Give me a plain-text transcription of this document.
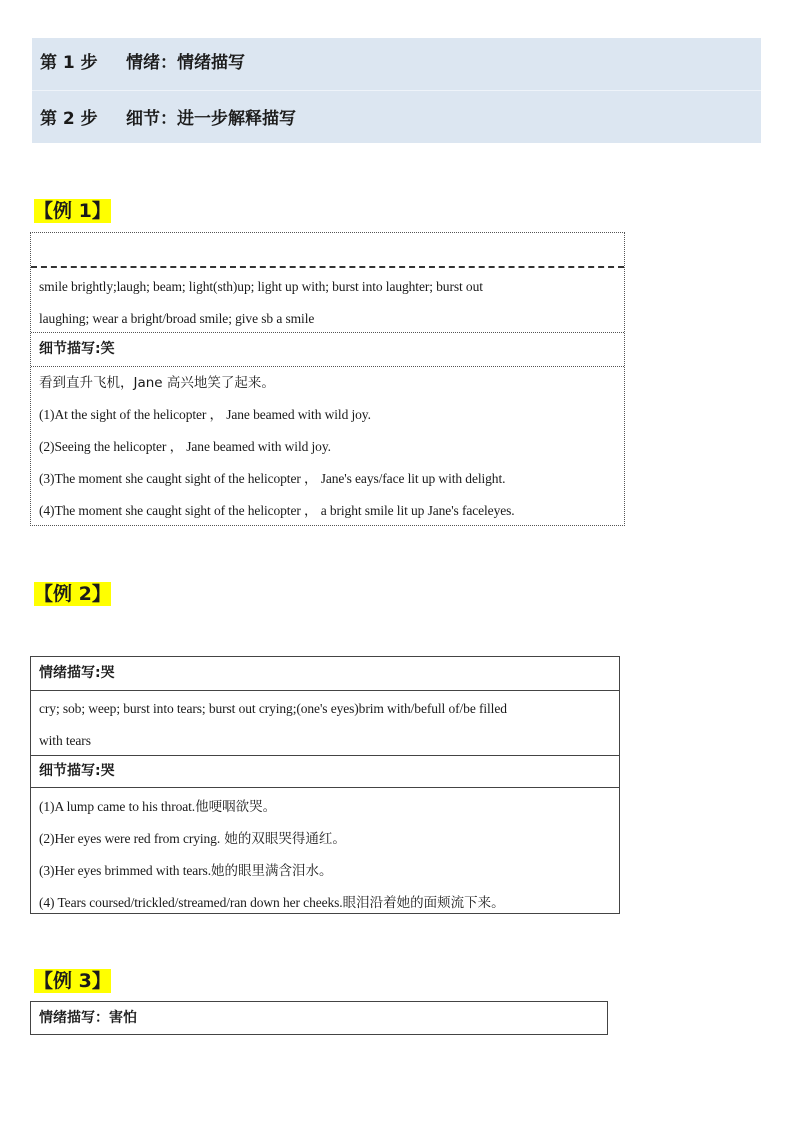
第 1 步 情绪：情绪描写
第 2 步 细节：进一步解释描写
【例 1】
smile brightly;laugh; beam; light(sth)up; light up with; burst into laughter; burst out
laughing; wear a bright/broad smile; give sb a smile
细节描写:笑
看到直升飞机，Jane 高兴地笑了起来。
(1)At the sight of the helicopter ， Jane beamed with wild joy.
(2)Seeing the helicopter ， Jane beamed with wild joy.
(3)The moment she caught sight of the helicopter ， Jane's eays/face lit up with delight.
(4)The moment she caught sight of the helicopter ， a bright smile lit up Jane's faceleyes.
【例 2】
情绪描写:哭
cry; sob; weep; burst into tears; burst out crying;(one's eyes)brim with/befull of/be filled
with tears
细节描写:哭
(1)A lump came to his throat.他哽咽欲哭。
(2)Her eyes were red from crying. 她的双眼哭得通红。
(3)Her eyes brimmed with tears.她的眼里满含泪水。
(4) Tears coursed/trickled/streamed/ran down her cheeks.眼泪沿着她的面颊流下来。
【例 3】
情绪描写：害怕
